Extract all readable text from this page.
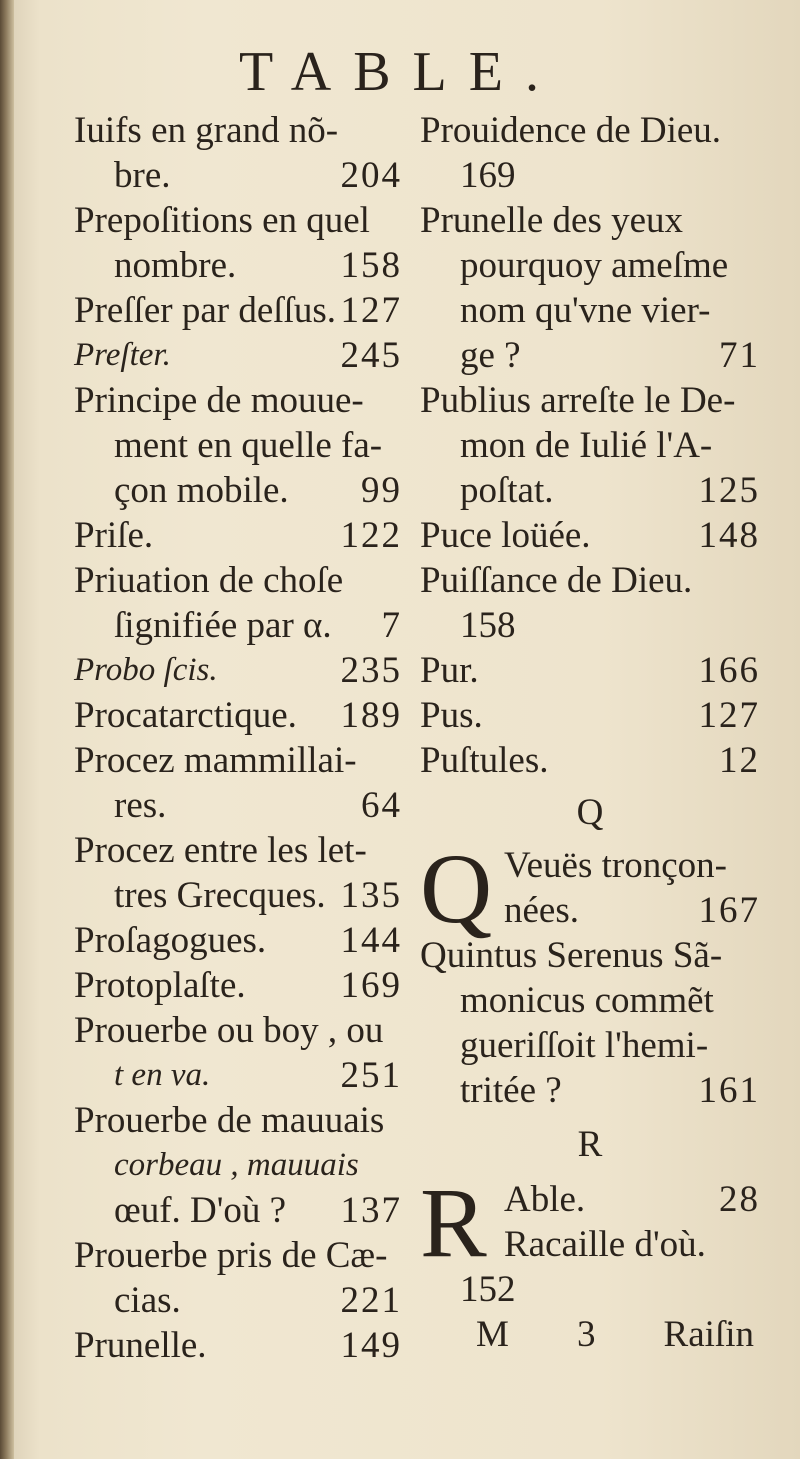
TABLE.
Iuifs en grand nõ-
bre.	204
Prepoſitions en quel
nombre.	158
Preſſer par deſſus. 127
Preſter.	245
Principe de mouue-
ment en quelle fa-
çon mobile. 99
Priſe.	122
Priuation de choſe
ſignifiée par α. 7
Probo ſcis.	235
Procatarctique. 189
Procez mammillai-
res.	64
Procez entre les let-
tres Grecques. 135
Proſagogues. 144
Protoplaſte.	169
Prouerbe ou boy , ou
t en va.	251
Prouerbe de mauuais
corbeau , mauuais
œuf. D'où ? 137
Prouerbe pris de Cæ-
cias.	221
Prunelle.	149
Prouidence de Dieu.
169
Prunelle des yeux
pourquoy ameſme
nom qu'vne vier-
ge ?	71
Publius arreſte le De-
mon de Iulié l'A-
poſtat.	125
Puce loüée.	148
Puiſſance de Dieu.
158
Pur.	166
Pus.	127
Puſtules.	12
Q
Q Veuës tronçon-
nées.	167
Quintus Serenus Sã-
monicus commẽt
gueriſſoit l'hemi-
tritée ?	161
R
R Able.	28
Racaille d'où.
152
M 3 Raiſin
